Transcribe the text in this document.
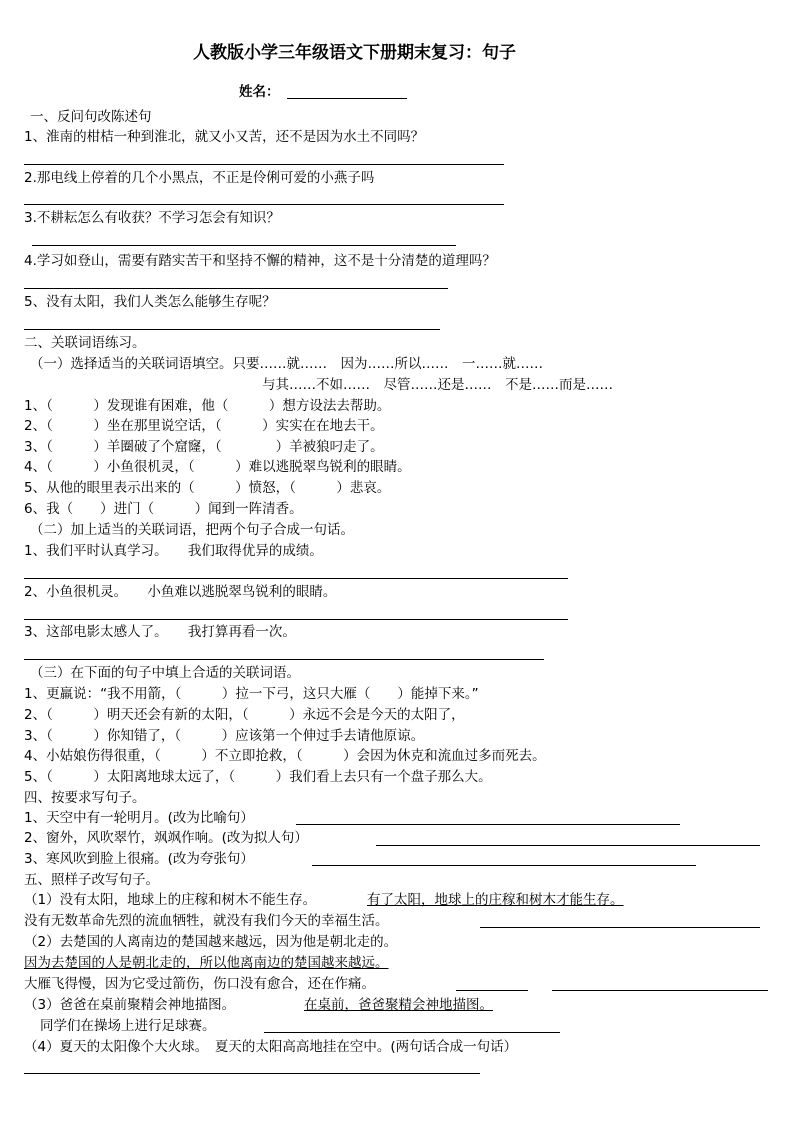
人教版小学三年级语文下册期末复习：句子
姓名：
一、反问句改陈述句
1、淮南的柑桔一种到淮北，就又小又苦，还不是因为水土不同吗？
2.那电线上停着的几个小黑点，不正是伶俐可爱的小燕子吗
3.不耕耘怎么有收获？不学习怎会有知识？
4.学习如登山，需要有踏实苦干和坚持不懈的精神，这不是十分清楚的道理吗？
5、没有太阳，我们人类怎么能够生存呢？
二、关联词语练习。
（一）选择适当的关联词语填空。只要……就……　因为……所以……　一……就……
与其……不如……　尽管……还是……　不是……而是……
1、（　　　）发现谁有困难，他（　　　）想方设法去帮助。
2、（　　　）坐在那里说空话，（　　　）实实在在地去干。
3、（　　　）羊圈破了个窟窿，（　　　　）羊被狼叼走了。
4、（　　　）小鱼很机灵，（　　　）难以逃脱翠鸟锐利的眼睛。
5、从他的眼里表示出来的（　　　）愤怒，（　　　）悲哀。
6、我（　　）进门（　　　）闻到一阵清香。
（二）加上适当的关联词语，把两个句子合成一句话。
1、我们平时认真学习。　　我们取得优异的成绩。
2、小鱼很机灵。　　小鱼难以逃脱翠鸟锐利的眼睛。
3、这部电影太感人了。　　我打算再看一次。
（三）在下面的句子中填上合适的关联词语。
1、更羸说：“我不用箭，（　　　）拉一下弓，这只大雁（　　）能掉下来。”
2、（　　　）明天还会有新的太阳，（　　　）永远不会是今天的太阳了，
3、（　　　）你知错了，（　　　）应该第一个伸过手去请他原谅。
4、小姑娘伤得很重，（　　　）不立即抢救，（　　　）会因为休克和流血过多而死去。
5、（　　　）太阳离地球太远了，（　　　）我们看上去只有一个盘子那么大。
四、按要求写句子。
1、天空中有一轮明月。(改为比喻句）
2、窗外，风吹翠竹，飒飒作响。(改为拟人句）
3、寒风吹到脸上很痛。(改为夸张句）
五、照样子改写句子。
（1）没有太阳，地球上的庄稼和树木不能生存。	有了太阳，地球上的庄稼和树木才能生存。
没有无数革命先烈的流血牺牲，就没有我们今天的幸福生活。
（2）去楚国的人离南边的楚国越来越远，因为他是朝北走的。
因为去楚国的人是朝北走的，所以他离南边的楚国越来越远。
大雁飞得慢，因为它受过箭伤，伤口没有愈合，还在作痛。
（3）爸爸在桌前聚精会神地描图。	在桌前，爸爸聚精会神地描图。
同学们在操场上进行足球赛。
（4）夏天的太阳像个大火球。　夏天的太阳高高地挂在空中。(两句话合成一句话）
